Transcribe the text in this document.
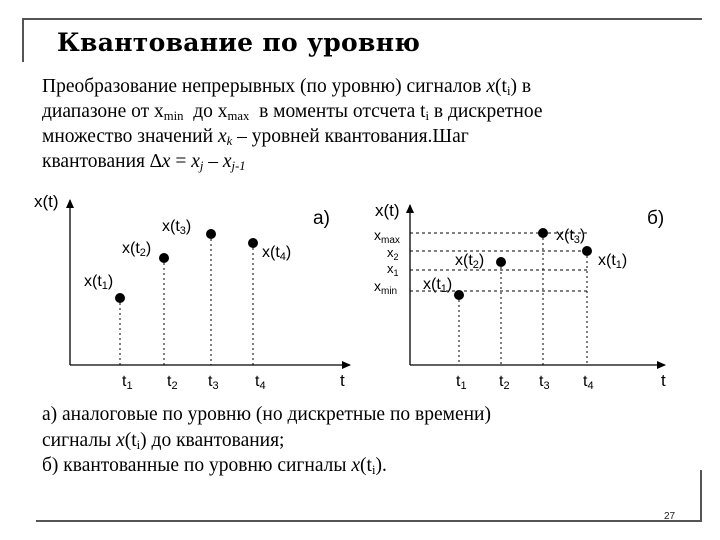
Квантование по уровню
Преобразование непрерывных (по уровню) сигналов $x(t_i)$ в
диапазоне от $x_{min}$  до $x_{max}$  в моменты отсчета $t_i$ в дискретное
множество значений $x_k$ – уровней квантования.Шаг
квантования $\Delta x = x_j - x_{j-1}$
x(t)
t
а)
x(t1)
x(t2)
x(t3)
x(t4)
t1 t2 t3 t4
x(t)
t
б)
$x_{max}$
$x_2$
$x_1$
$x_{min}$ x(t1)
x(t2)
x(t3)
x(t1)
t1 t2 t3 t4
а) аналоговые по уровню (но дискретные по времени)
сигналы $x(t_i)$ до квантования;
б) квантованные по уровню сигналы $x(t_i)$.
27
